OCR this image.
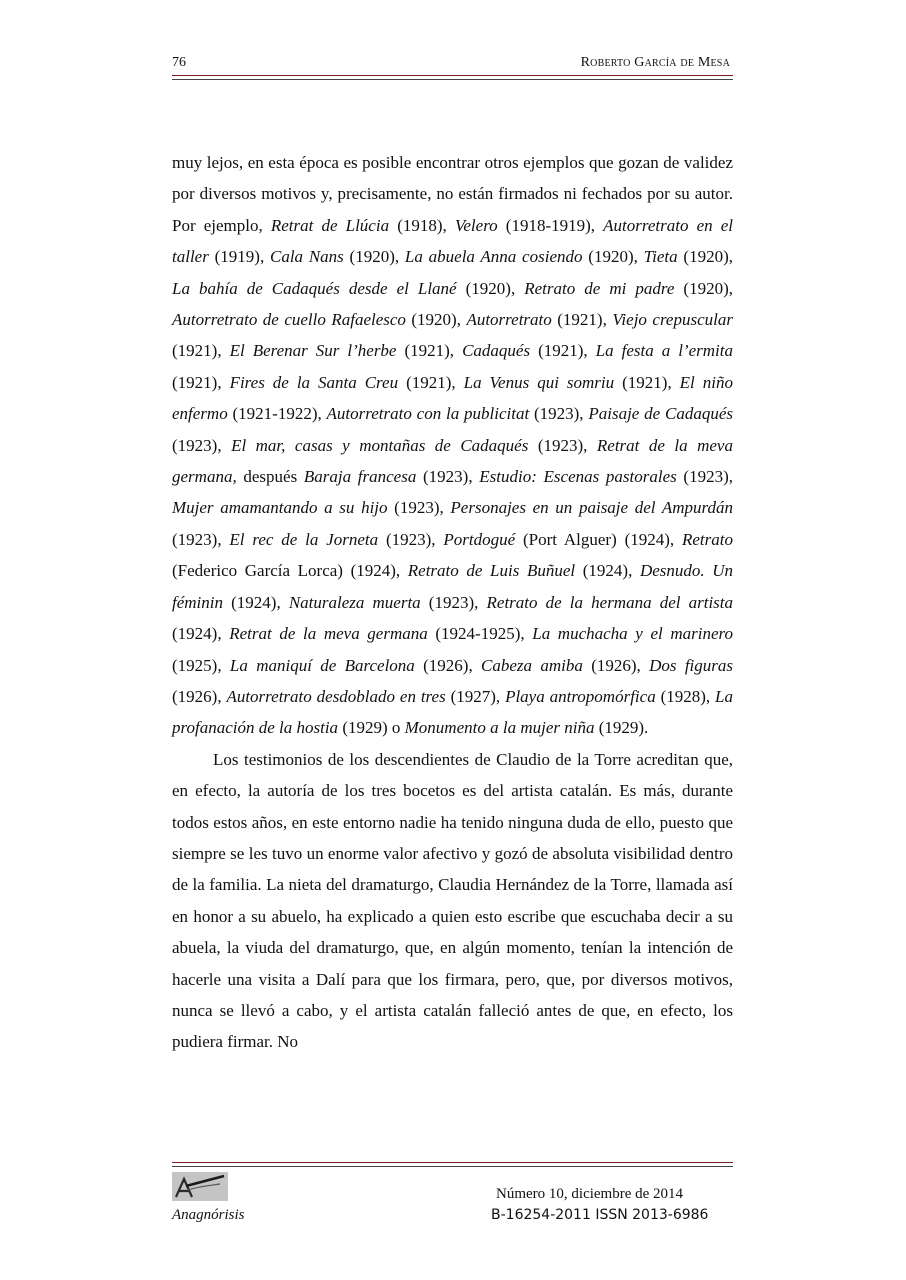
76	Roberto García de Mesa

muy lejos, en esta época es posible encontrar otros ejemplos que gozan de validez por diversos motivos y, precisamente, no están firmados ni fechados por su autor. Por ejemplo, Retrat de Llúcia (1918), Velero (1918-1919), Autorretrato en el taller (1919), Cala Nans (1920), La abuela Anna cosiendo (1920), Tieta (1920), La bahía de Cadaqués desde el Llané (1920), Retrato de mi padre (1920), Autorretrato de cuello Rafaelesco (1920), Autorretrato (1921), Viejo crepuscular (1921), El Berenar Sur l’herbe (1921), Cadaqués (1921), La festa a l’ermita (1921), Fires de la Santa Creu (1921), La Venus qui somriu (1921), El niño enfermo (1921-1922), Autorretrato con la publicitat (1923), Paisaje de Cadaqués (1923), El mar, casas y montañas de Cadaqués (1923), Retrat de la meva germana, después Baraja francesa (1923), Estudio: Escenas pastorales (1923), Mujer amamantando a su hijo (1923), Personajes en un paisaje del Ampurdán (1923), El rec de la Jorneta (1923), Portdogué (Port Alguer) (1924), Retrato (Federico García Lorca) (1924), Retrato de Luis Buñuel (1924), Desnudo. Un féminin (1924), Naturaleza muerta (1923), Retrato de la hermana del artista (1924), Retrat de la meva germana (1924-1925), La muchacha y el marinero (1925), La maniquí de Barcelona (1926), Cabeza amiba (1926), Dos figuras (1926), Autorretrato desdoblado en tres (1927), Playa antropomórfica (1928), La profanación de la hostia (1929) o Monumento a la mujer niña (1929).

Los testimonios de los descendientes de Claudio de la Torre acreditan que, en efecto, la autoría de los tres bocetos es del artista catalán. Es más, durante todos estos años, en este entorno nadie ha tenido ninguna duda de ello, puesto que siempre se les tuvo un enorme valor afectivo y gozó de absoluta visibilidad dentro de la familia. La nieta del dramaturgo, Claudia Hernández de la Torre, llamada así en honor a su abuelo, ha explicado a quien esto escribe que escuchaba decir a su abuela, la viuda del dramaturgo, que, en algún momento, tenían la intención de hacerle una visita a Dalí para que los firmara, pero, que, por diversos motivos, nunca se llevó a cabo, y el artista catalán falleció antes de que, en efecto, los pudiera firmar. No

Anagnórisis
Número 10, diciembre de 2014
B-16254-2011 ISSN 2013-6986
